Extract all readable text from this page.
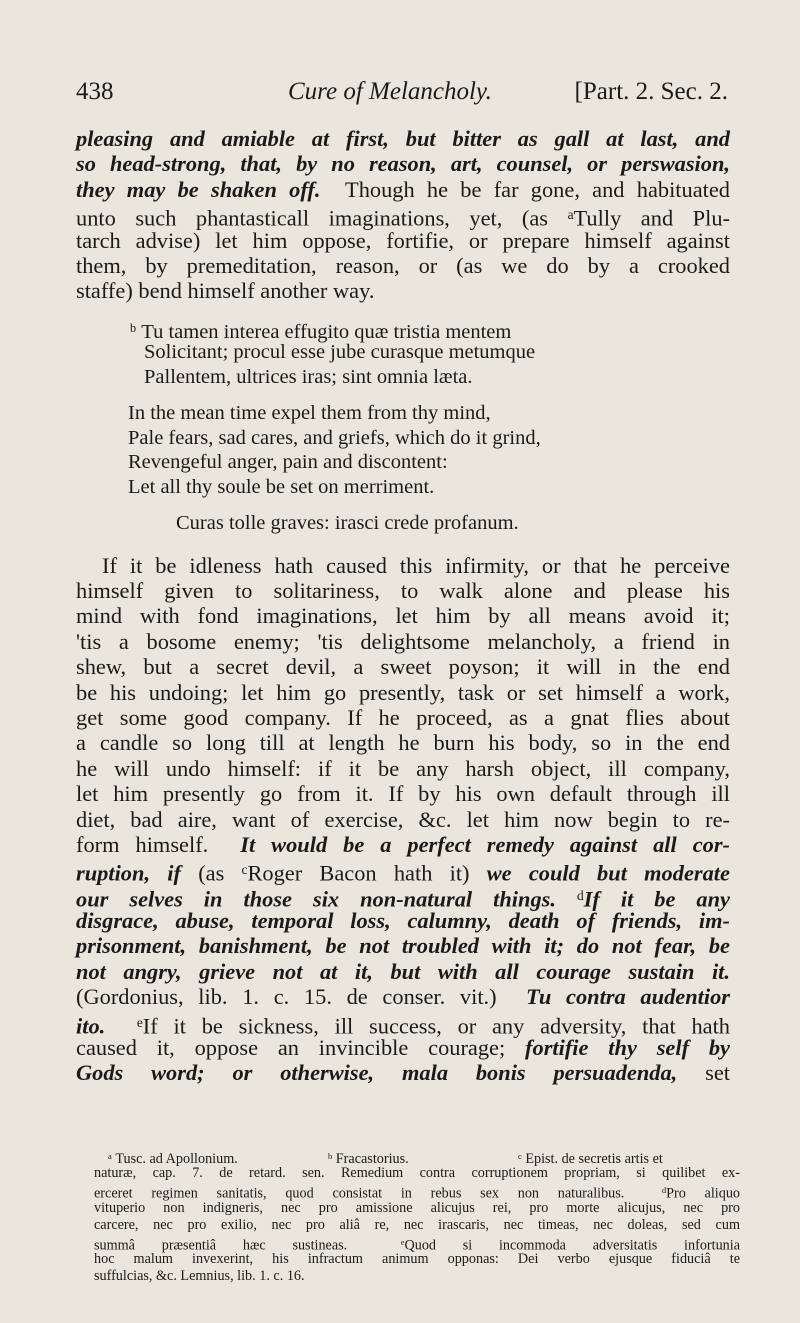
438	Cure of Melancholy.	[Part. 2. Sec. 2.
pleasing and amiable at first, but bitter as gall at last, and
so head-strong, that, by no reason, art, counsel, or perswasion,
they may be shaken off. Though he be far gone, and habituated
unto such phantasticall imaginations, yet, (as $^a$Tully and Plu-
tarch advise) let him oppose, fortifie, or prepare himself against
them, by premeditation, reason, or (as we do by a crooked
staffe) bend himself another way.
$^b$ Tu tamen interea effugito quæ tristia mentem
Solicitant; procul esse jube curasque metumque
Pallentem, ultrices iras; sint omnia læta.
In the mean time expel them from thy mind,
Pale fears, sad cares, and griefs, which do it grind,
Revengeful anger, pain and discontent:
Let all thy soule be set on merriment.
Curas tolle graves: irasci crede profanum.
If it be idleness hath caused this infirmity, or that he perceive
himself given to solitariness, to walk alone and please his
mind with fond imaginations, let him by all means avoid it;
'tis a bosome enemy; 'tis delightsome melancholy, a friend in
shew, but a secret devil, a sweet poyson; it will in the end
be his undoing; let him go presently, task or set himself a work,
get some good company. If he proceed, as a gnat flies about
a candle so long till at length he burn his body, so in the end
he will undo himself: if it be any harsh object, ill company,
let him presently go from it. If by his own default through ill
diet, bad aire, want of exercise, &c. let him now begin to re-
form himself. It would be a perfect remedy against all cor-
ruption, if (as $^c$Roger Bacon hath it) we could but moderate
our selves in those six non-natural things. $^d$If it be any
disgrace, abuse, temporal loss, calumny, death of friends, im-
prisonment, banishment, be not troubled with it; do not fear, be
not angry, grieve not at it, but with all courage sustain it.
(Gordonius, lib. 1. c. 15. de conser. vit.) Tu contra audentior
ito. $^e$If it be sickness, ill success, or any adversity, that hath
caused it, oppose an invincible courage; fortifie thy self by
Gods word; or otherwise, mala bonis persuadenda, set
$^a$ Tusc. ad Apollonium.	$^b$ Fracastorius.	$^c$ Epist. de secretis artis et
naturæ, cap. 7. de retard. sen. Remedium contra corruptionem propriam, si quilibet ex-
erceret regimen sanitatis, quod consistat in rebus sex non naturalibus.	$^d$Pro aliquo
vituperio non indigneris, nec pro amissione alicujus rei, pro morte alicujus, nec pro
carcere, nec pro exilio, nec pro aliâ re, nec irascaris, nec timeas, nec doleas, sed cum
summâ præsentiâ hæc sustineas.	$^e$Quod si incommoda adversitatis infortunia
hoc malum invexerint, his infractum animum opponas: Dei verbo ejusque fiduciâ te
suffulcias, &c. Lemnius, lib. 1. c. 16.
